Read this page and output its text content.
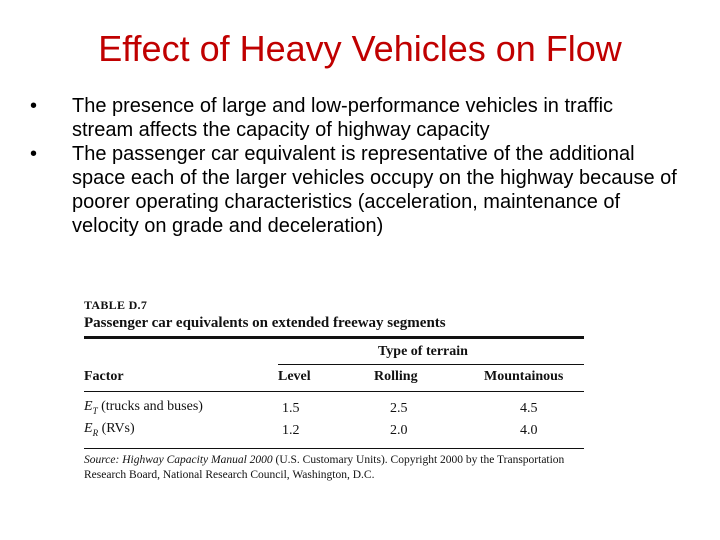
Effect of Heavy Vehicles on Flow
• The presence of large and low-performance vehicles in traffic stream affects the capacity of highway capacity
• The passenger car equivalent is representative of the additional space each of the larger vehicles occupy on the highway because of poorer operating characteristics (acceleration, maintenance of velocity on grade and deceleration)
TABLE D.7
Passenger car equivalents on extended freeway segments
Type of terrain
Factor	Level	Rolling	Mountainous

$E_T$ (trucks and buses)	1.5	2.5	4.5
$E_R$ (RVs)	1.2	2.0	4.0
Source: Highway Capacity Manual 2000 (U.S. Customary Units). Copyright 2000 by the Transportation Research Board, National Research Council, Washington, D.C.
